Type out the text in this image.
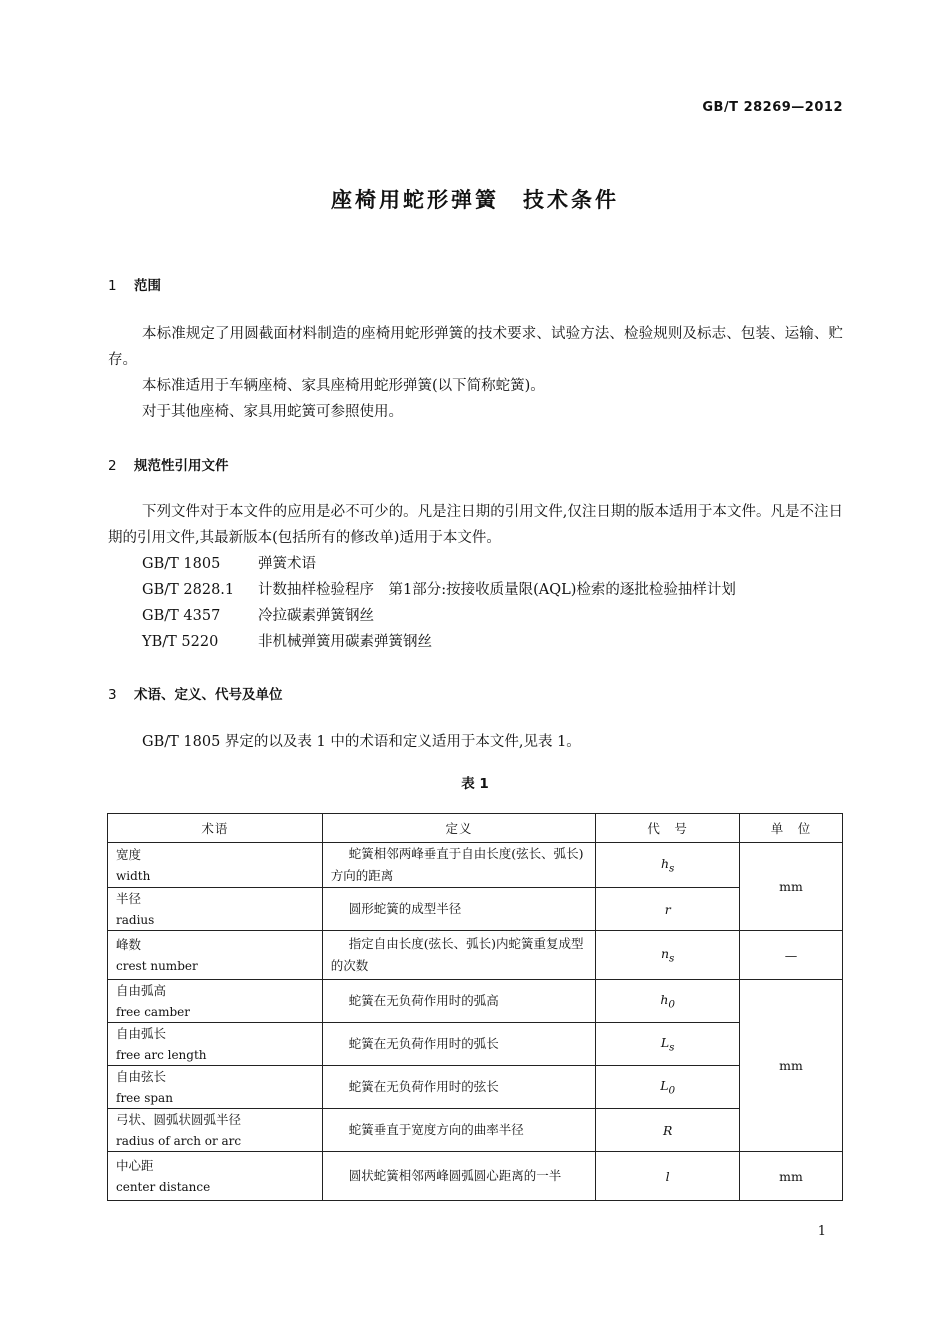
GB/T 28269—2012
座椅用蛇形弹簧　技术条件
1 范围
本标准规定了用圆截面材料制造的座椅用蛇形弹簧的技术要求、试验方法、检验规则及标志、包装、运输、贮存。
本标准适用于车辆座椅、家具座椅用蛇形弹簧(以下简称蛇簧)。
对于其他座椅、家具用蛇簧可参照使用。
2 规范性引用文件
下列文件对于本文件的应用是必不可少的。凡是注日期的引用文件,仅注日期的版本适用于本文件。凡是不注日期的引用文件,其最新版本(包括所有的修改单)适用于本文件。
GB/T 1805	弹簧术语
GB/T 2828.1 计数抽样检验程序　第1部分:按接收质量限(AQL)检索的逐批检验抽样计划
GB/T 4357	冷拉碳素弹簧钢丝
YB/T 5220	非机械弹簧用碳素弹簧钢丝
3 术语、定义、代号及单位
GB/T 1805 界定的以及表 1 中的术语和定义适用于本文件,见表 1。
表 1
术语	定义	代　号	单　位

宽度
width	蛇簧相邻两峰垂直于自由长度(弦长、弧长)方向的距离	$h_s$	mm

半径
radius	圆形蛇簧的成型半径	r	

峰数
crest number	指定自由长度(弦长、弧长)内蛇簧重复成型的次数	$n_s$	—

自由弧高
free camber	蛇簧在无负荷作用时的弧高	$h_0$	mm

自由弧长
free arc length	蛇簧在无负荷作用时的弧长	$L_s$

自由弦长
free span	蛇簧在无负荷作用时的弦长	$L_0$

弓状、圆弧状圆弧半径
radius of arch or arc	蛇簧垂直于宽度方向的曲率半径	R	

中心距
center distance	圆状蛇簧相邻两峰圆弧圆心距离的一半	l	mm
1
